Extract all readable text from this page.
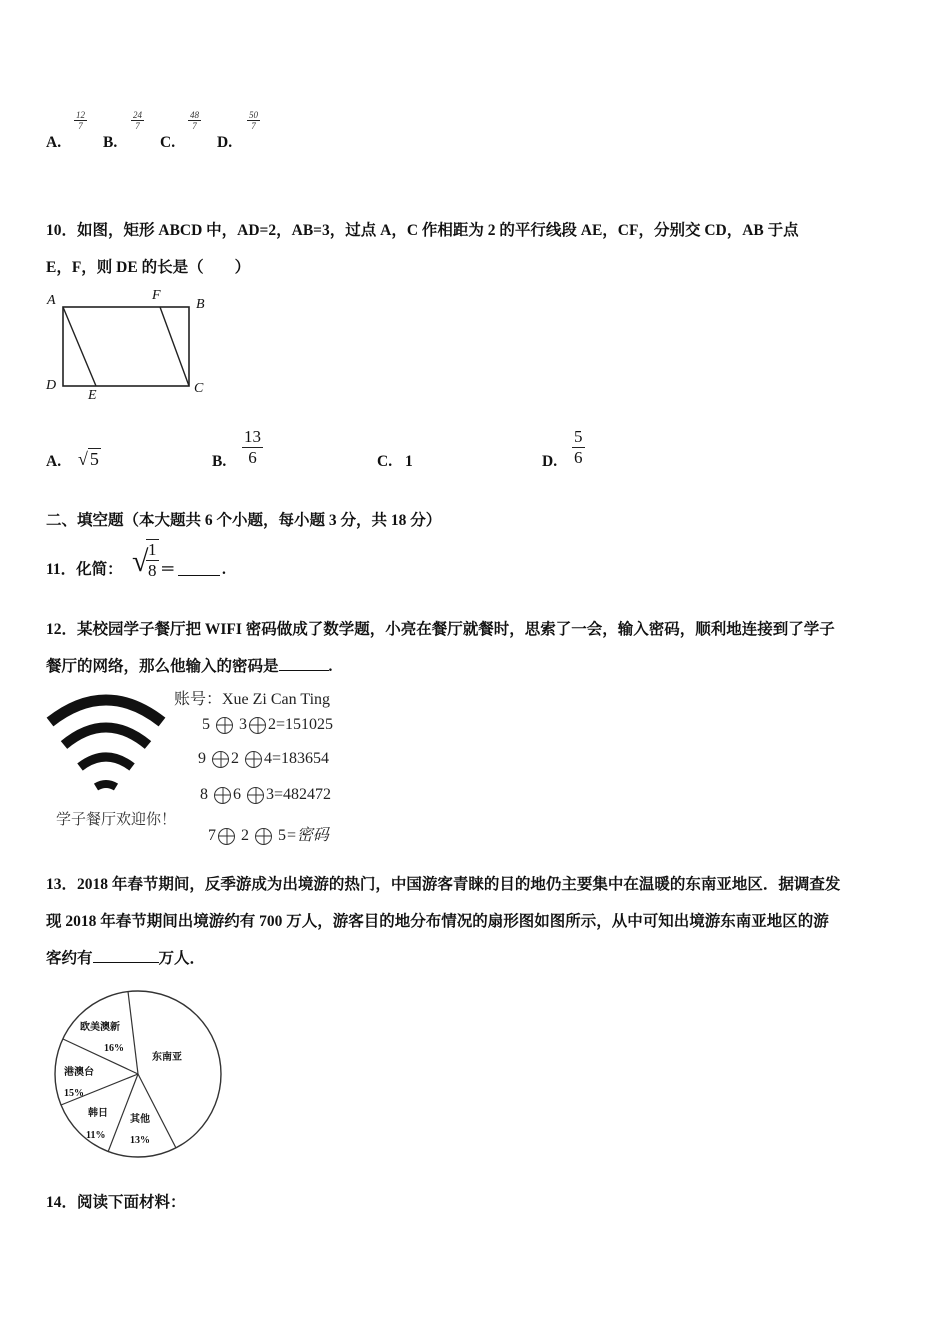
A.
$\frac{12}{7}$
B.
$\frac{24}{7}$
C.
$\frac{48}{7}$
D.
$\frac{50}{7}$
10．如图，矩形 ABCD 中，AD=2，AB=3，过点 A，C 作相距为 2 的平行线段 AE，CF，分别交 CD，AB 于点
E，F，则 DE 的长是（　　）
A	F
B
D
E	C
A. √ 5	B. $\frac{13}{6}$	C. 1	D. $\frac{5}{6}$
二、填空题（本大题共 6 个小题，每小题 3 分，共 18 分）
11．化简： √
$\frac{1}{8}$ ＝	.
12．某校园学子餐厅把 WIFI 密码做成了数学题，小亮在餐厅就餐时，思索了一会，输入密码，顺利地连接到了学子
餐厅的网络，那么他输入的密码是	.
学子餐厅欢迎你！
账号：Xue Zi Can Ting
5 3 2=151025
9 2 4=183654
8 6 3=482472
7 2 5=密码
13．2018 年春节期间，反季游成为出境游的热门，中国游客青睐的目的地仍主要集中在温暖的东南亚地区．据调查发
现 2018 年春节期间出境游约有 700 万人，游客目的地分布情况的扇形图如图所示，从中可知出境游东南亚地区的游
客约有	万人．
欧美澳新
16%
东南亚
港澳台
15%
韩日
11%
其他
13%
14．阅读下面材料：
